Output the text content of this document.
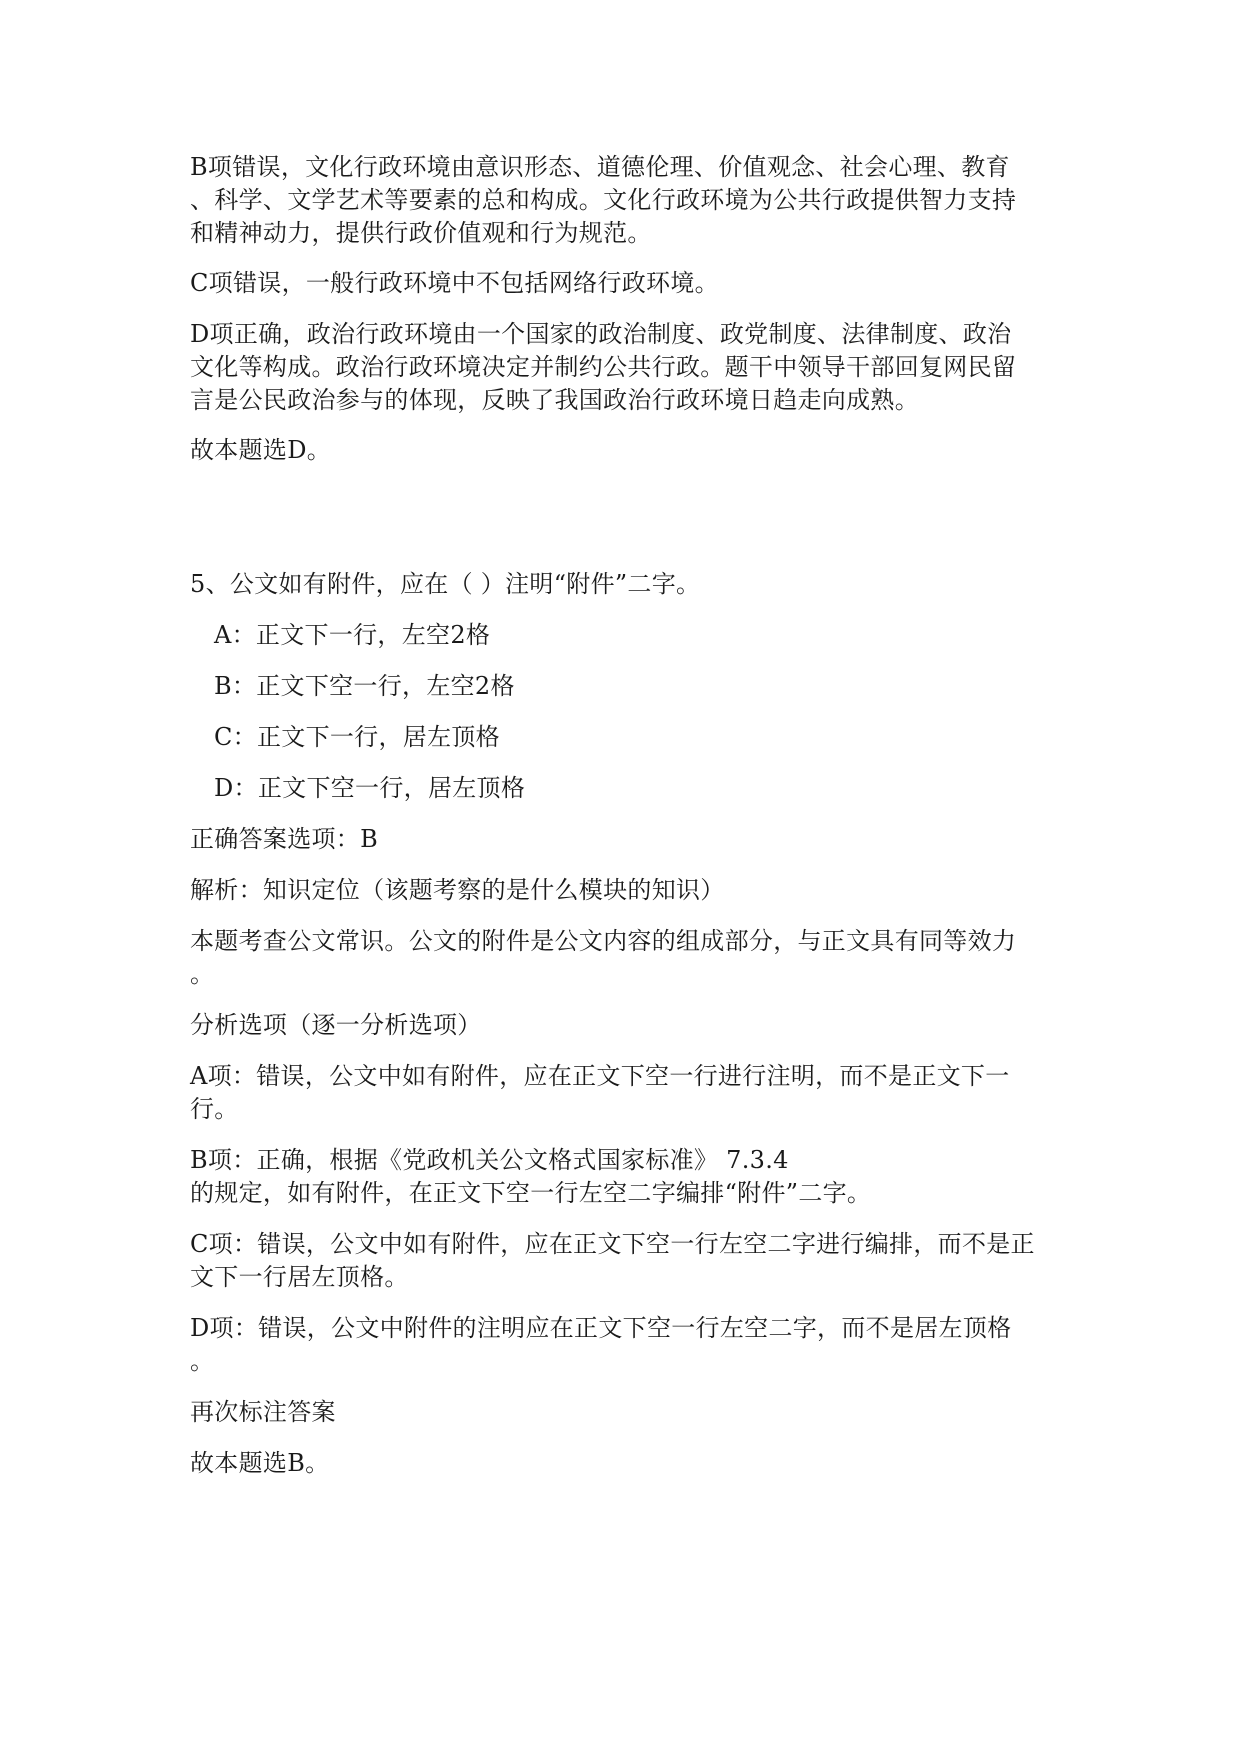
B项错误，文化行政环境由意识形态、道德伦理、价值观念、社会心理、教育
、科学、文学艺术等要素的总和构成。文化行政环境为公共行政提供智力支持
和精神动力，提供行政价值观和行为规范。
C项错误，一般行政环境中不包括网络行政环境。
D项正确，政治行政环境由一个国家的政治制度、政党制度、法律制度、政治
文化等构成。政治行政环境决定并制约公共行政。题干中领导干部回复网民留
言是公民政治参与的体现，反映了我国政治行政环境日趋走向成熟。
故本题选D。
5、公文如有附件，应在（ ）注明“附件”二字。
A：正文下一行，左空2格
B：正文下空一行，左空2格
C：正文下一行，居左顶格
D：正文下空一行，居左顶格
正确答案选项：B
解析：知识定位（该题考察的是什么模块的知识）
本题考查公文常识。公文的附件是公文内容的组成部分，与正文具有同等效力
。
分析选项（逐一分析选项）
A项：错误，公文中如有附件，应在正文下空一行进行注明，而不是正文下一
行。
B项：正确，根据《党政机关公文格式国家标准》 7.3.4
的规定，如有附件，在正文下空一行左空二字编排“附件”二字。
C项：错误，公文中如有附件，应在正文下空一行左空二字进行编排，而不是正
文下一行居左顶格。
D项：错误，公文中附件的注明应在正文下空一行左空二字，而不是居左顶格
。
再次标注答案
故本题选B。
